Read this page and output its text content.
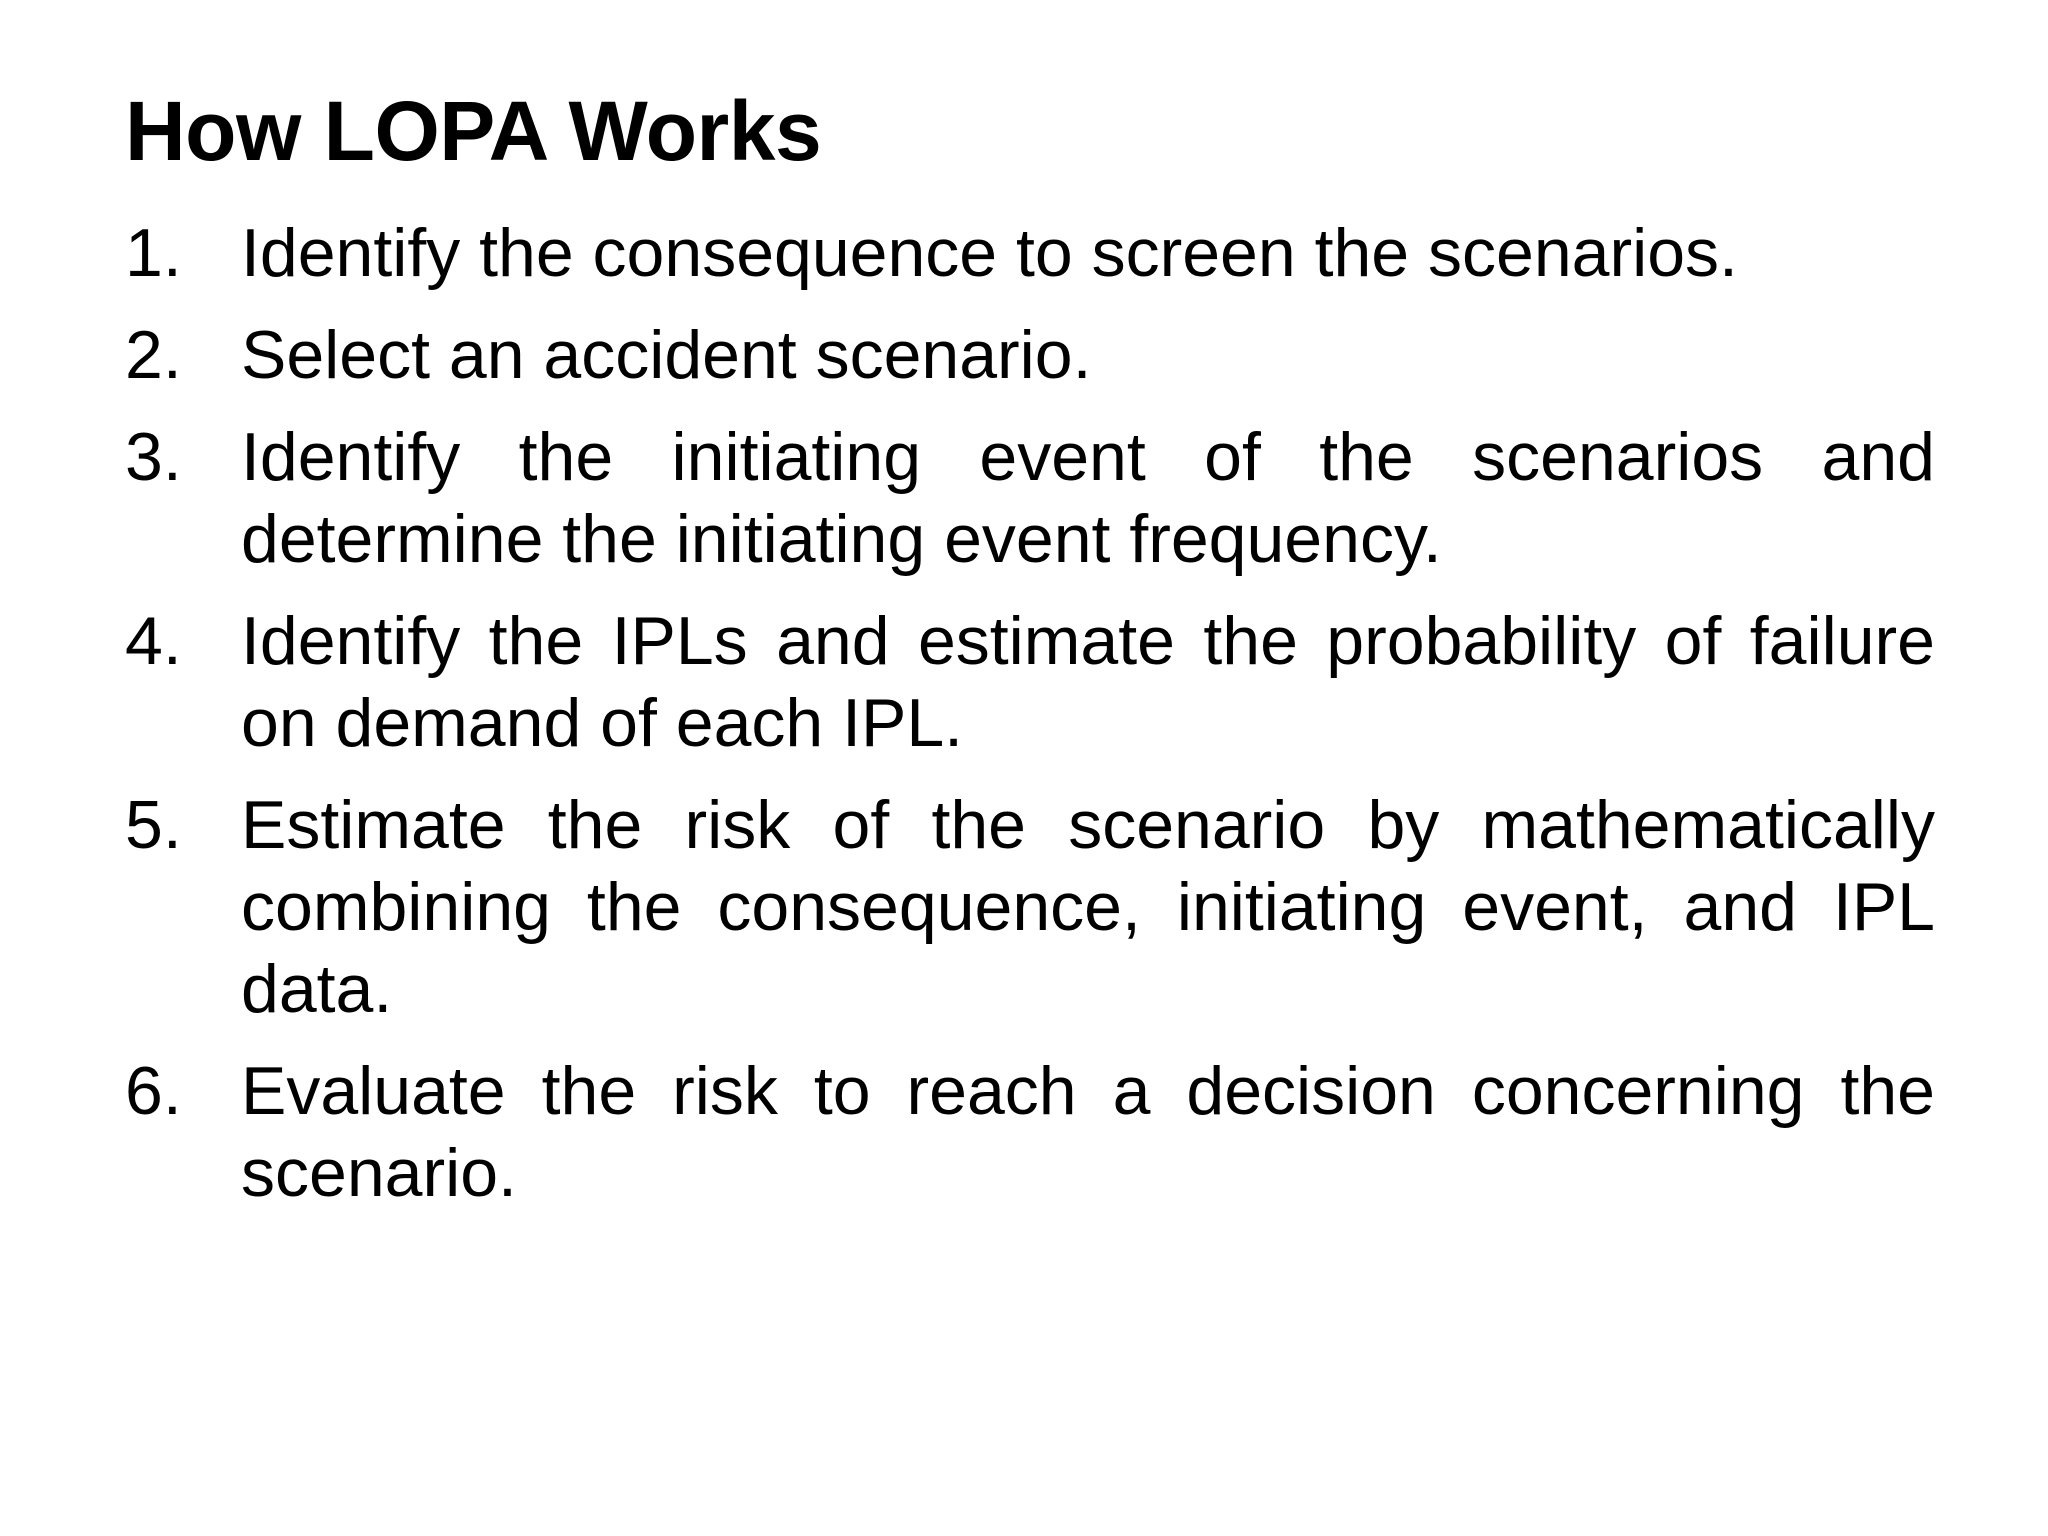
How LOPA Works
1. Identify the consequence to screen the scenarios.
2. Select an accident scenario.
3. Identify the initiating event of the scenarios and determine the initiating event frequency.
4. Identify the IPLs and estimate the probability of failure on demand of each IPL.
5. Estimate the risk of the scenario by mathematically combining the consequence, initiating event, and IPL data.
6. Evaluate the risk to reach a decision concerning the scenario.
